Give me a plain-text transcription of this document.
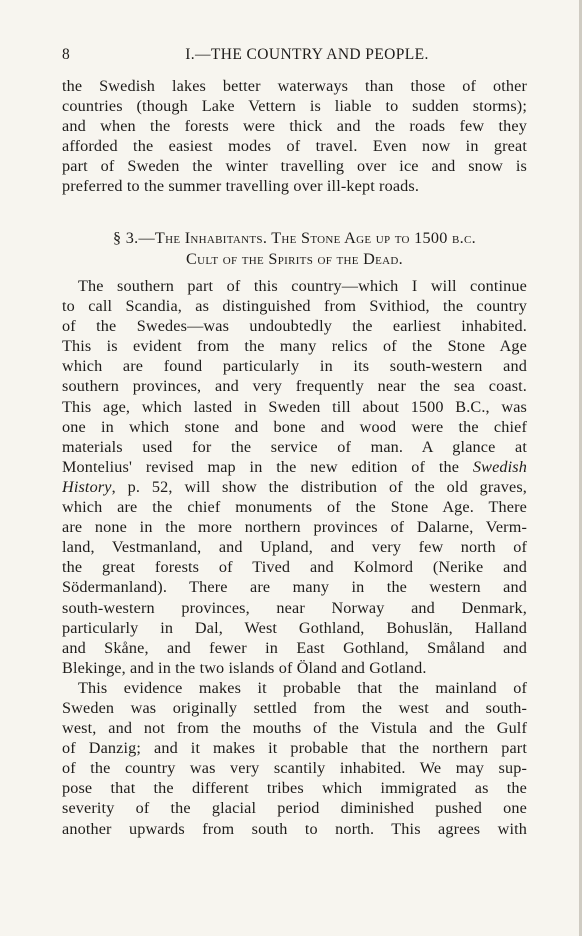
8	I.—THE COUNTRY AND PEOPLE.
the Swedish lakes better waterways than those of other
countries (though Lake Vettern is liable to sudden storms);
and when the forests were thick and the roads few they
afforded the easiest modes of travel. Even now in great
part of Sweden the winter travelling over ice and snow is
preferred to the summer travelling over ill-kept roads.
§ 3.—The Inhabitants. The Stone Age up to 1500 b.c.
Cult of the Spirits of the Dead.
The southern part of this country—which I will continue
to call Scandia, as distinguished from Svithiod, the country
of the Swedes—was undoubtedly the earliest inhabited.
This is evident from the many relics of the Stone Age
which are found particularly in its south-western and
southern provinces, and very frequently near the sea coast.
This age, which lasted in Sweden till about 1500 B.C., was
one in which stone and bone and wood were the chief
materials used for the service of man. A glance at
Montelius' revised map in the new edition of the Swedish
History, p. 52, will show the distribution of the old graves,
which are the chief monuments of the Stone Age. There
are none in the more northern provinces of Dalarne, Verm-
land, Vestmanland, and Upland, and very few north of
the great forests of Tived and Kolmord (Nerike and
Södermanland). There are many in the western and
south-western provinces, near Norway and Denmark,
particularly in Dal, West Gothland, Bohuslän, Halland
and Skåne, and fewer in East Gothland, Småland and
Blekinge, and in the two islands of Öland and Gotland.
This evidence makes it probable that the mainland of
Sweden was originally settled from the west and south-
west, and not from the mouths of the Vistula and the Gulf
of Danzig; and it makes it probable that the northern part
of the country was very scantily inhabited. We may sup-
pose that the different tribes which immigrated as the
severity of the glacial period diminished pushed one
another upwards from south to north. This agrees with
